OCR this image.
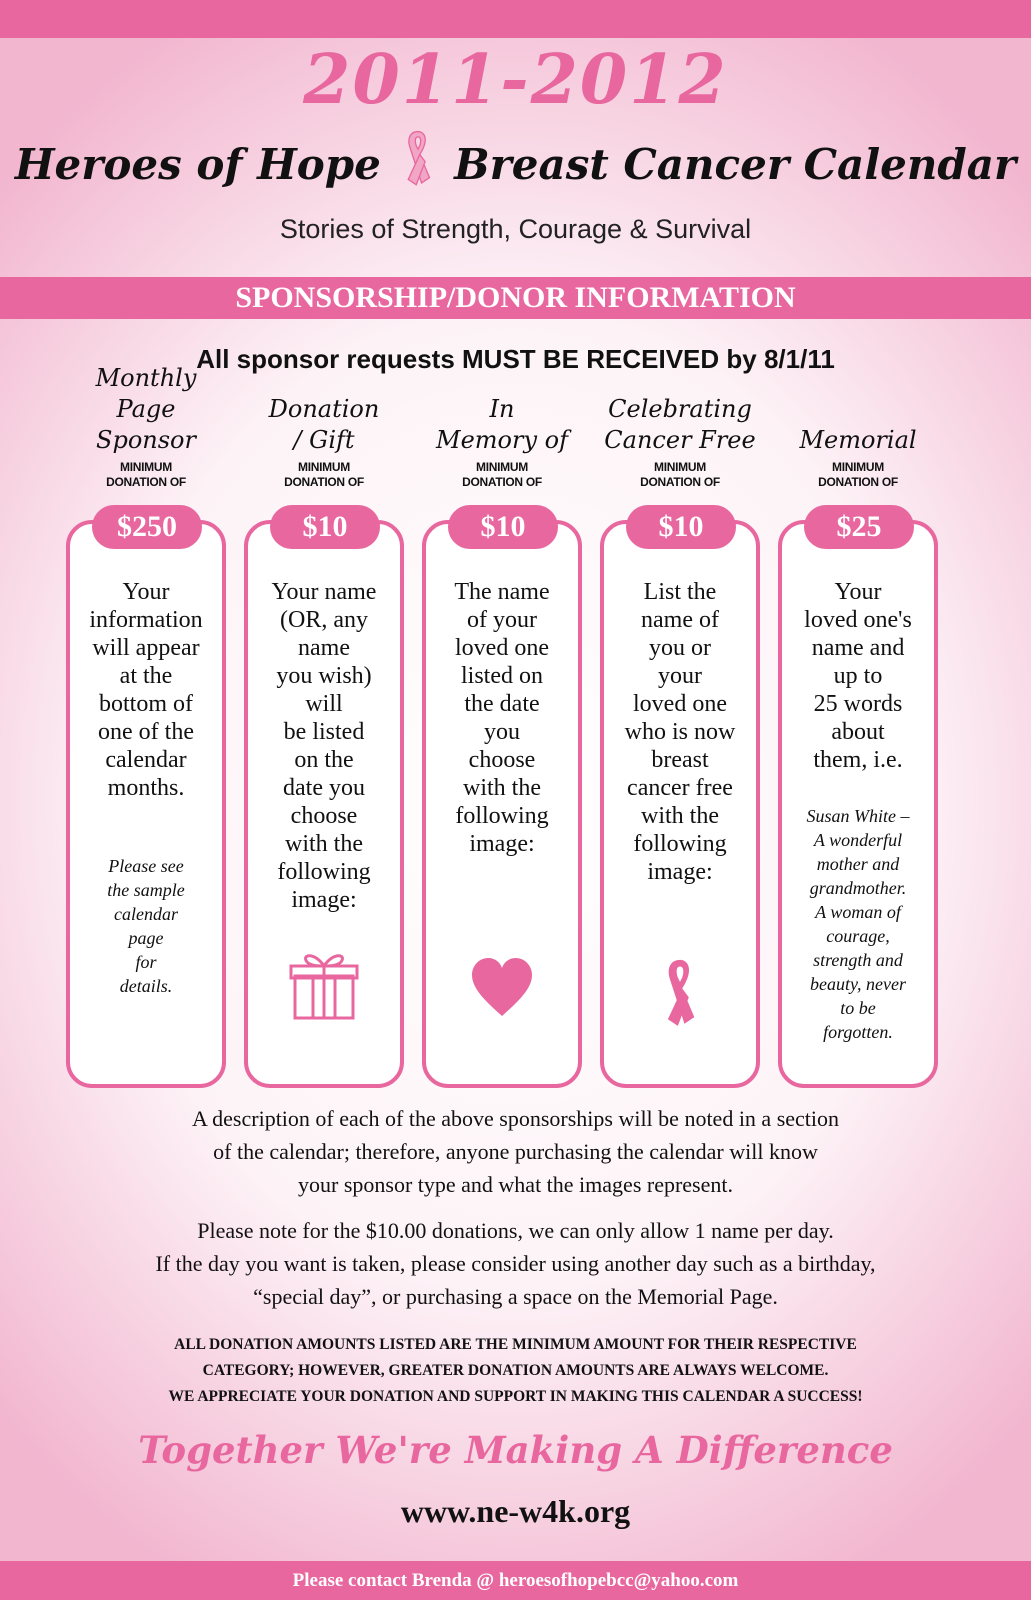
2011-2012
Heroes of Hope Breast Cancer Calendar
Stories of Strength, Courage & Survival
SPONSORSHIP/DONOR INFORMATION
All sponsor requests MUST BE RECEIVED by 8/1/11
Monthly
Page Sponsor
MINIMUM
DONATION OF
Donation
/ Gift
MINIMUM
DONATION OF
In
Memory of
MINIMUM
DONATION OF
Celebrating
Cancer Free
MINIMUM
DONATION OF

Memorial
MINIMUM
DONATION OF
Your
information
will appear
at the
bottom of
one of the
calendar
months.
Please see
the sample
calendar
page
for
details.
$250
Your name
(OR, any
name
you wish)
will
be listed
on the
date you
choose
with the
following
image:
$10
The name
of your
loved one
listed on
the date
you
choose
with the
following
image:
$10
List the
name of
you or
your
loved one
who is now
breast
cancer free
with the
following
image:
$10
Your
loved one's
name and
up to
25 words
about
them, i.e.
Susan White –
A wonderful
mother and
grandmother.
A woman of
courage,
strength and
beauty, never
to be
forgotten.
$25
A description of each of the above sponsorships will be noted in a section
of the calendar; therefore, anyone purchasing the calendar will know
your sponsor type and what the images represent.
Please note for the $10.00 donations, we can only allow 1 name per day.
If the day you want is taken, please consider using another day such as a birthday,
“special day”, or purchasing a space on the Memorial Page.
ALL DONATION AMOUNTS LISTED ARE THE MINIMUM AMOUNT FOR THEIR RESPECTIVE
CATEGORY; HOWEVER, GREATER DONATION AMOUNTS ARE ALWAYS WELCOME.
WE APPRECIATE YOUR DONATION AND SUPPORT IN MAKING THIS CALENDAR A SUCCESS!
Together We're Making A Difference
www.ne-w4k.org
Please contact Brenda @ heroesofhopebcc@yahoo.com
